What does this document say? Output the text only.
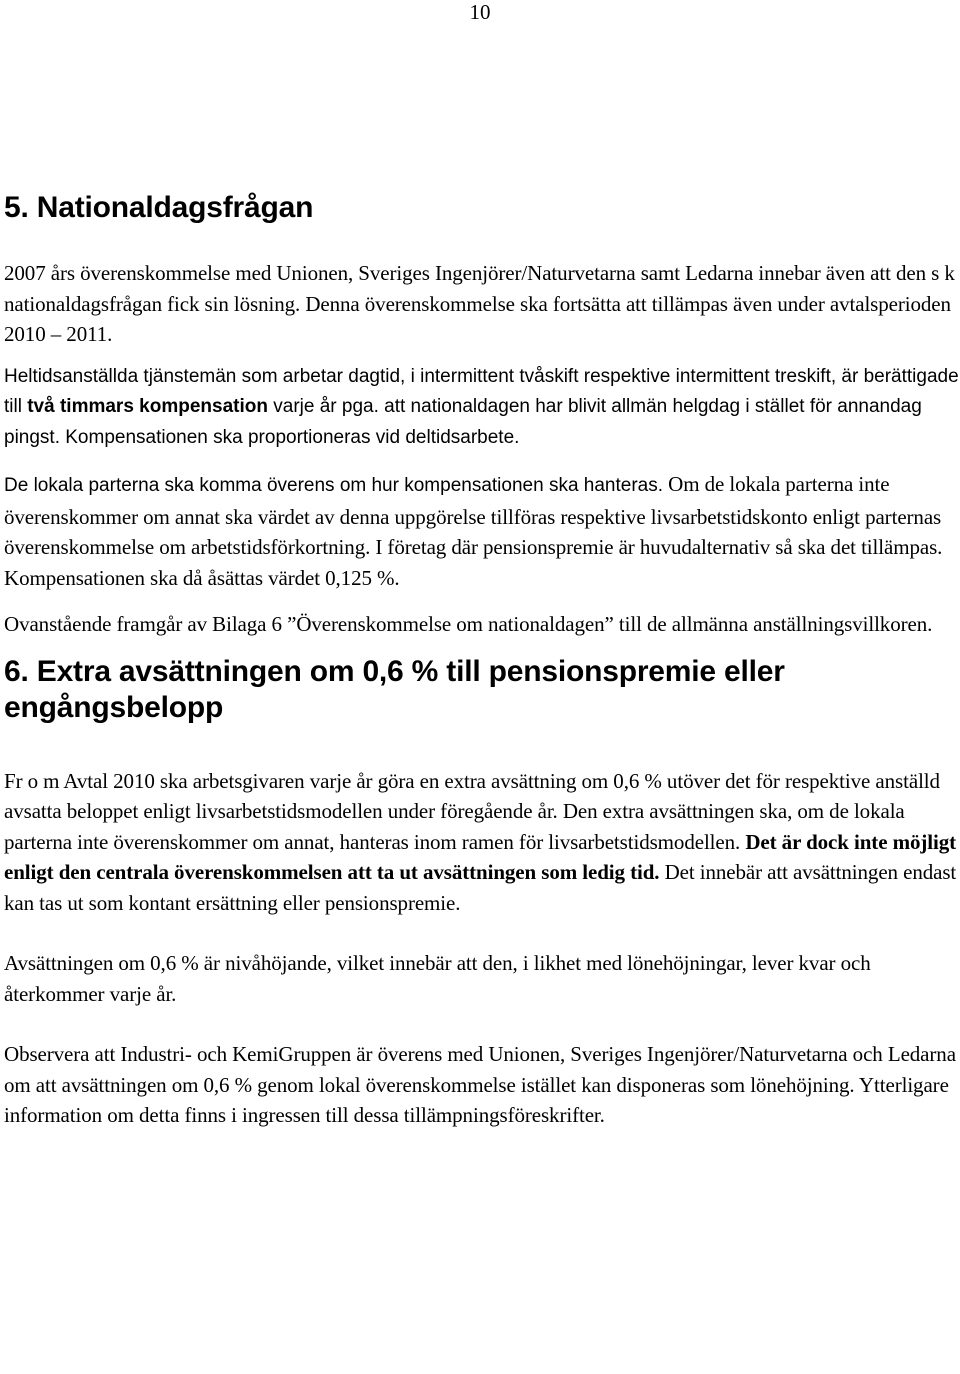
10
5. Nationaldagsfrågan

2007 års överenskommelse med Unionen, Sveriges Ingenjörer/Naturvetarna samt Ledarna innebar även att den s k nationaldagsfrågan fick sin lösning. Denna överenskommelse ska fortsätta att tillämpas även under avtalsperioden 2010 – 2011.

Heltidsanställda tjänstemän som arbetar dagtid, i intermittent tvåskift respektive intermittent treskift, är berättigade till två timmars kompensation varje år pga. att nationaldagen har blivit allmän helgdag i stället för annandag pingst. Kompensationen ska proportioneras vid deltidsarbete.

De lokala parterna ska komma överens om hur kompensationen ska hanteras. Om de lokala parterna inte överenskommer om annat ska värdet av denna uppgörelse tillföras respektive livsarbetstidskonto enligt parternas överenskommelse om arbetstidsförkortning. I företag där pensionspremie är huvudalternativ så ska det tillämpas. Kompensationen ska då åsättas värdet 0,125 %.

Ovanstående framgår av Bilaga 6 ”Överenskommelse om nationaldagen” till de allmänna anställningsvillkoren.

6. Extra avsättningen om 0,6 % till pensionspremie eller engångsbelopp

Fr o m Avtal 2010 ska arbetsgivaren varje år göra en extra avsättning om 0,6 % utöver det för respektive anställd avsatta beloppet enligt livsarbetstidsmodellen under föregående år. Den extra avsättningen ska, om de lokala parterna inte överenskommer om annat, hanteras inom ramen för livsarbetstidsmodellen. Det är dock inte möjligt enligt den centrala överenskommelsen att ta ut avsättningen som ledig tid. Det innebär att avsättningen endast kan tas ut som kontant ersättning eller pensionspremie.

Avsättningen om 0,6 % är nivåhöjande, vilket innebär att den, i likhet med lönehöjningar, lever kvar och återkommer varje år.

Observera att Industri- och KemiGruppen är överens med Unionen, Sveriges Ingenjörer/Naturvetarna och Ledarna om att avsättningen om 0,6 % genom lokal överenskommelse istället kan disponeras som lönehöjning. Ytterligare information om detta finns i ingressen till dessa tillämpningsföreskrifter.
